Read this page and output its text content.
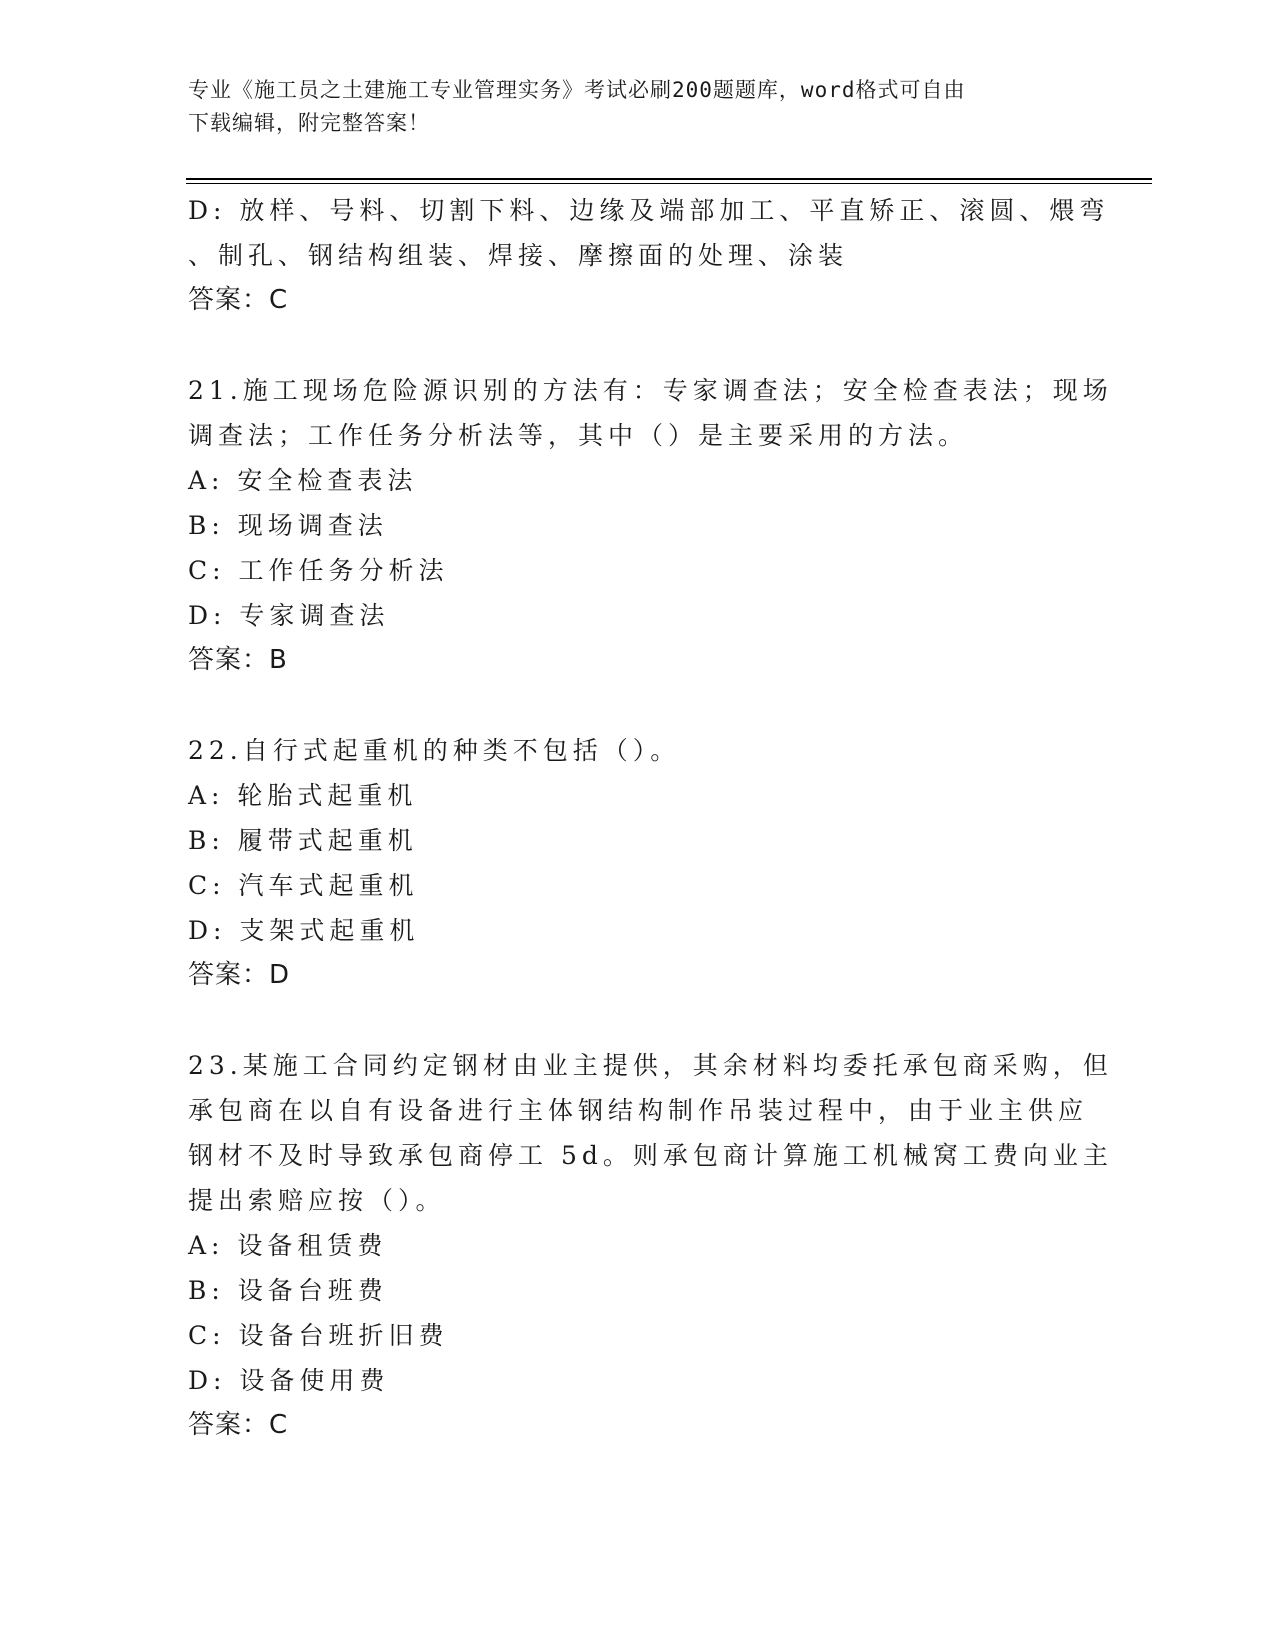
专业《施工员之土建施工专业管理实务》考试必刷200题题库，word格式可自由
下载编辑，附完整答案！
D: 放样、号料、切割下料、边缘及端部加工、平直矫正、滚圆、煨弯
、制孔、钢结构组装、焊接、摩擦面的处理、涂装
答案：C
21.施工现场危险源识别的方法有：专家调查法；安全检查表法；现场
调查法；工作任务分析法等，其中（）是主要采用的方法。
A: 安全检查表法
B: 现场调查法
C: 工作任务分析法
D: 专家调查法
答案：B
22.自行式起重机的种类不包括（）。
A: 轮胎式起重机
B: 履带式起重机
C: 汽车式起重机
D: 支架式起重机
答案：D
23.某施工合同约定钢材由业主提供，其余材料均委托承包商采购，但
承包商在以自有设备进行主体钢结构制作吊装过程中，由于业主供应
钢材不及时导致承包商停工 5d。则承包商计算施工机械窝工费向业主
提出索赔应按（）。
A: 设备租赁费
B: 设备台班费
C: 设备台班折旧费
D: 设备使用费
答案：C
